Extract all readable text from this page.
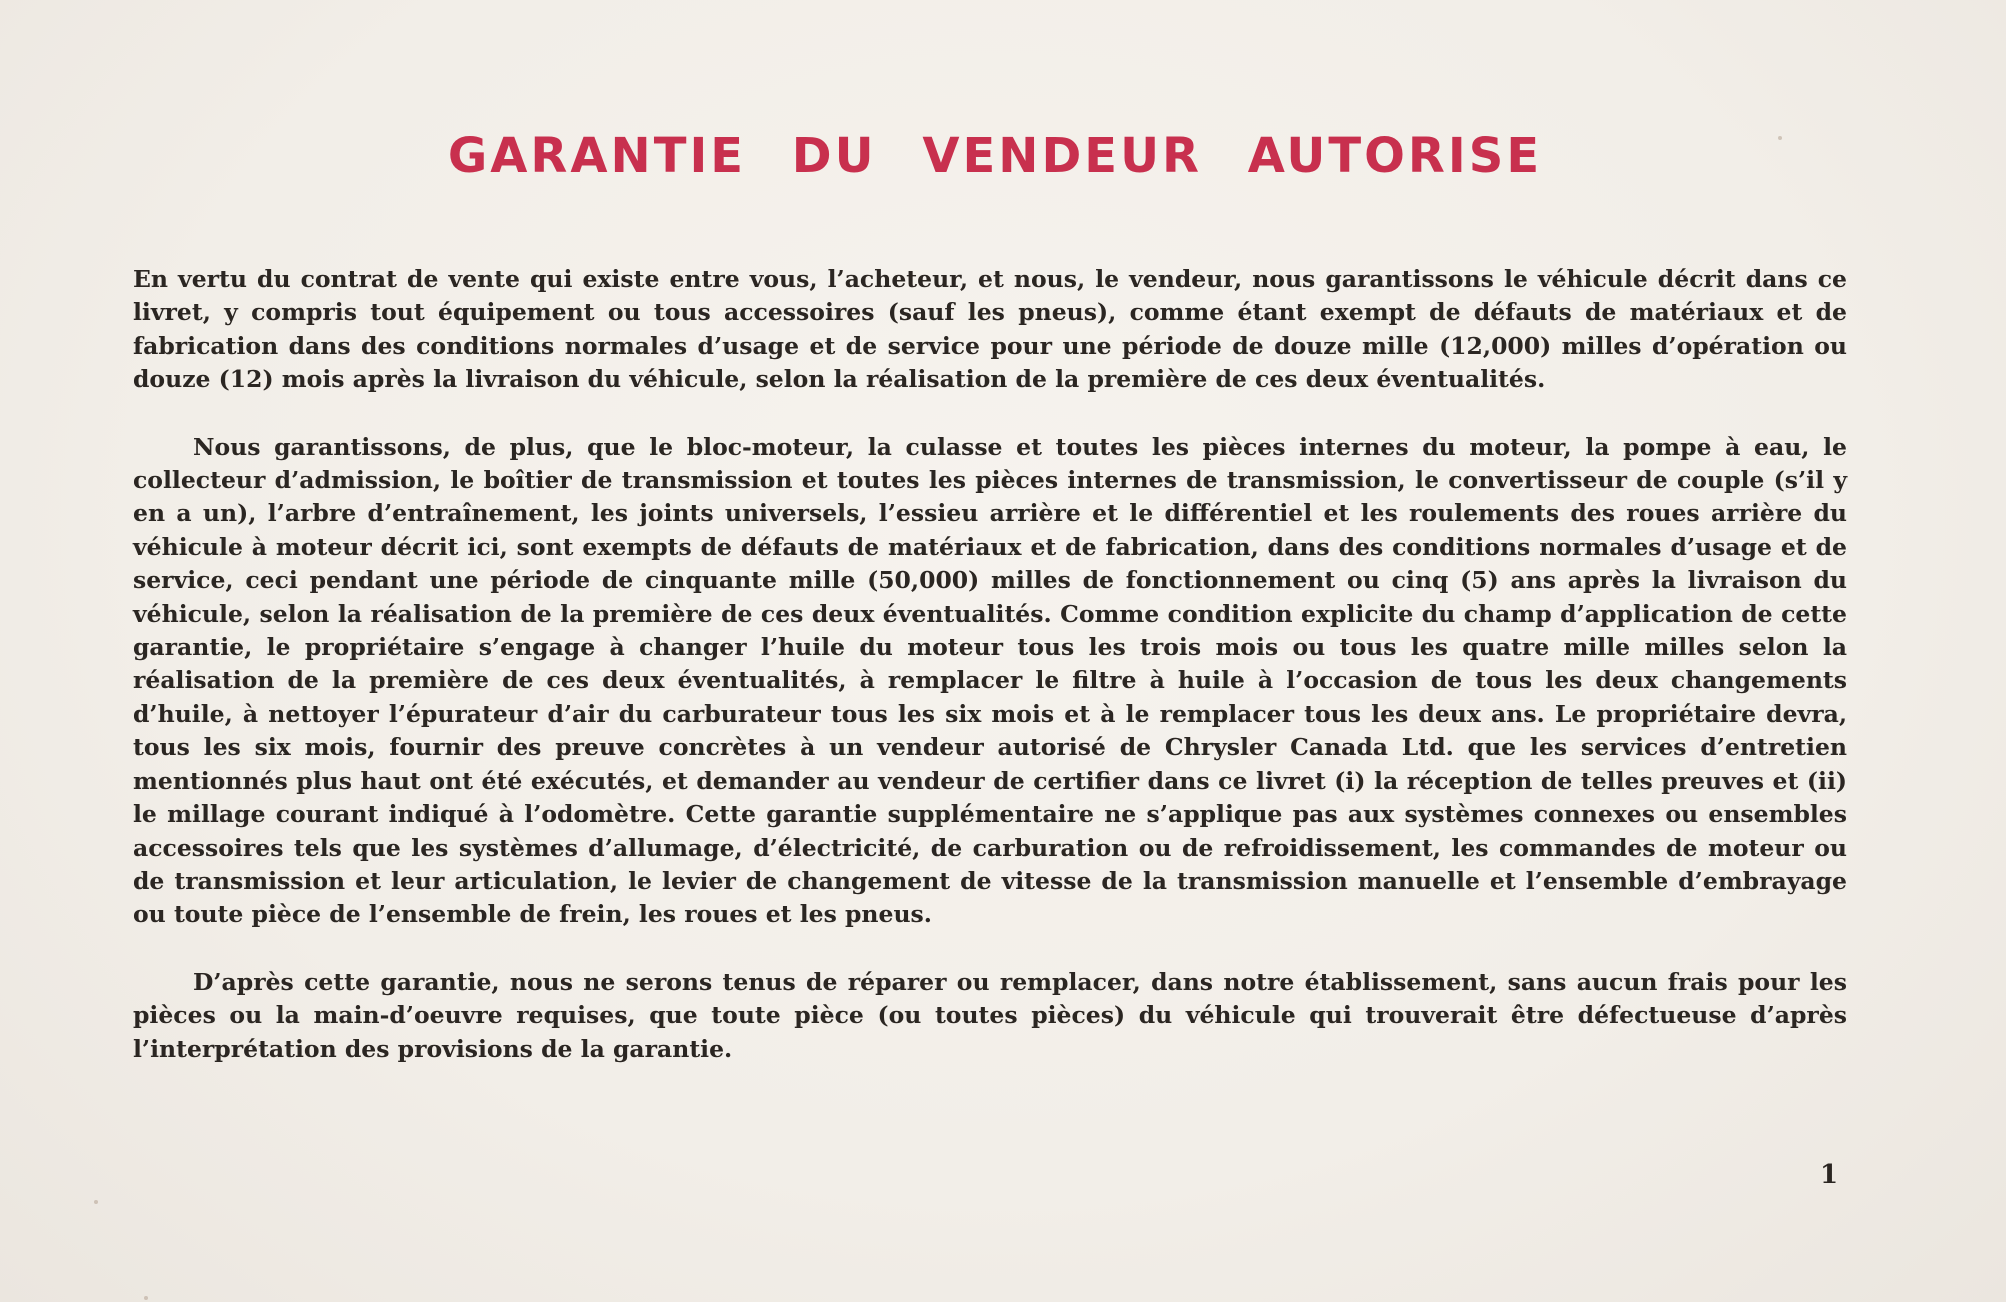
GARANTIE DU VENDEUR AUTORISE

En vertu du contrat de vente qui existe entre vous, l’acheteur, et nous, le vendeur, nous garantissons le véhicule décrit dans ce livret, y compris tout équipement ou tous accessoires (sauf les pneus), comme étant exempt de défauts de matériaux et de fabrication dans des conditions normales d’usage et de service pour une période de douze mille (12,000) milles d’opération ou douze (12) mois après la livraison du véhicule, selon la réalisation de la première de ces deux éventualités.

Nous garantissons, de plus, que le bloc-moteur, la culasse et toutes les pièces internes du moteur, la pompe à eau, le collecteur d’admission, le boîtier de transmission et toutes les pièces internes de transmission, le convertisseur de couple (s’il y en a un), l’arbre d’entraînement, les joints universels, l’essieu arrière et le différentiel et les roulements des roues arrière du véhicule à moteur décrit ici, sont exempts de défauts de matériaux et de fabrication, dans des conditions normales d’usage et de service, ceci pendant une période de cinquante mille (50,000) milles de fonctionnement ou cinq (5) ans après la livraison du véhicule, selon la réalisation de la première de ces deux éventualités. Comme condition explicite du champ d’application de cette garantie, le propriétaire s’engage à changer l’huile du moteur tous les trois mois ou tous les quatre mille milles selon la réalisation de la première de ces deux éventualités, à remplacer le filtre à huile à l’occasion de tous les deux changements d’huile, à nettoyer l’épurateur d’air du carburateur tous les six mois et à le remplacer tous les deux ans. Le propriétaire devra, tous les six mois, fournir des preuve concrètes à un vendeur autorisé de Chrysler Canada Ltd. que les services d’entretien mentionnés plus haut ont été exécutés, et demander au vendeur de certifier dans ce livret (i) la réception de telles preuves et (ii) le millage courant indiqué à l’odomètre. Cette garantie supplémentaire ne s’applique pas aux systèmes connexes ou ensembles accessoires tels que les systèmes d’allumage, d’électricité, de carburation ou de refroidissement, les commandes de moteur ou de transmission et leur articulation, le levier de changement de vitesse de la transmission manuelle et l’ensemble d’embrayage ou toute pièce de l’ensemble de frein, les roues et les pneus.

D’après cette garantie, nous ne serons tenus de réparer ou remplacer, dans notre établissement, sans aucun frais pour les pièces ou la main-d’oeuvre requises, que toute pièce (ou toutes pièces) du véhicule qui trouverait être défectueuse d’après l’interprétation des provisions de la garantie.

1
